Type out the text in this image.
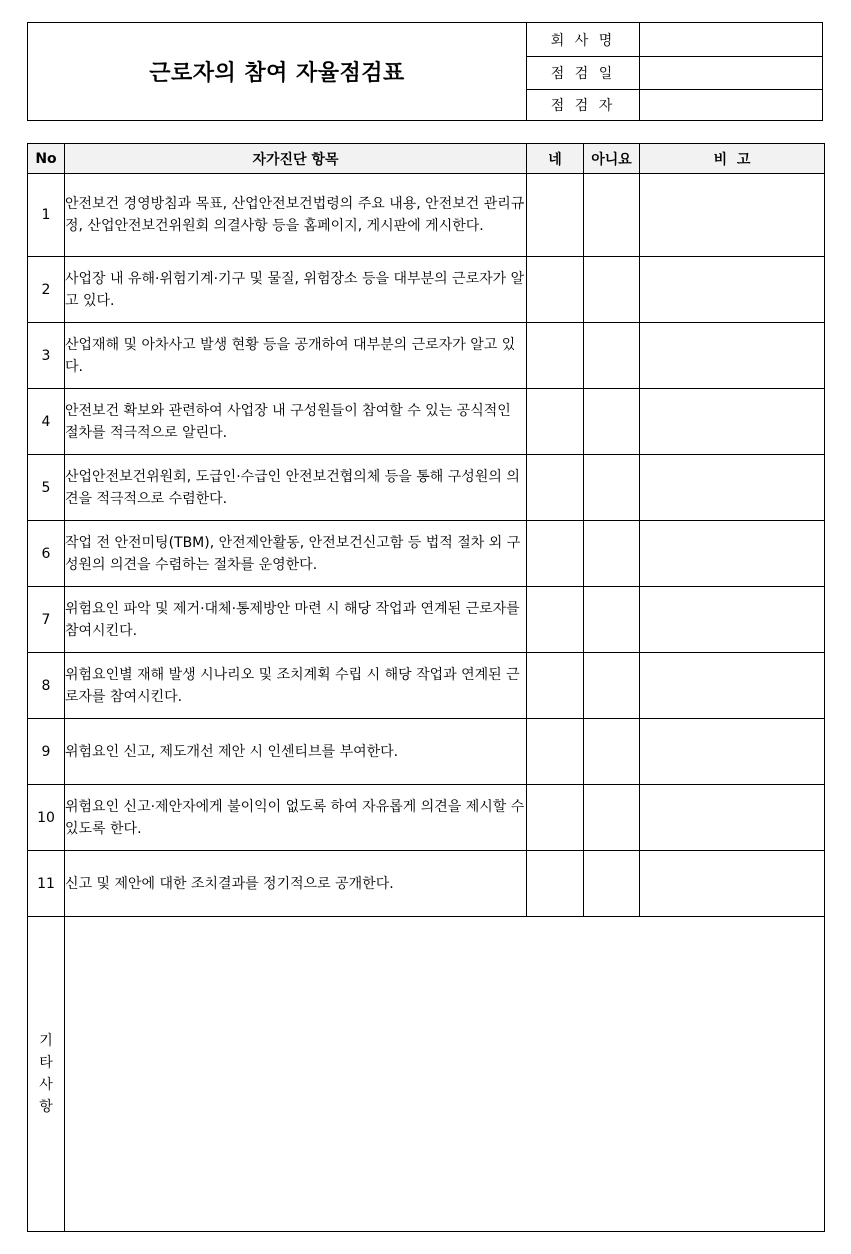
근로자의 참여 자율점검표
회 사 명
점 검 일
점 검 자
No	자가진단 항목	네	아니요	비  고
1	안전보건 경영방침과 목표, 산업안전보건법령의 주요 내용, 안전보건 관리규정, 산업안전보건위원회 의결사항 등을 홈페이지, 게시판에 게시한다.			
2	사업장 내 유해·위험기계·기구 및 물질, 위험장소 등을 대부분의 근로자가 알고 있다.			
3	산업재해 및 아차사고 발생 현황 등을 공개하여 대부분의 근로자가 알고 있다.			
4	안전보건 확보와 관련하여 사업장 내 구성원들이 참여할 수 있는 공식적인 절차를 적극적으로 알린다.			
5	산업안전보건위원회, 도급인·수급인 안전보건협의체 등을 통해 구성원의 의견을 적극적으로 수렴한다.			
6	작업 전 안전미팅(TBM), 안전제안활동, 안전보건신고함 등 법적 절차 외 구성원의 의견을 수렴하는 절차를 운영한다.			
7	위험요인 파악 및 제거·대체·통제방안 마련 시 해당 작업과 연계된 근로자를 참여시킨다.			
8	위험요인별 재해 발생 시나리오 및 조치계획 수립 시 해당 작업과 연계된 근로자를 참여시킨다.			
9	위험요인 신고, 제도개선 제안 시 인센티브를 부여한다.			
10	위험요인 신고·제안자에게 불이익이 없도록 하여 자유롭게 의견을 제시할 수 있도록 한다.			
11	신고 및 제안에 대한 조치결과를 정기적으로 공개한다.			

기
타
사
항				
